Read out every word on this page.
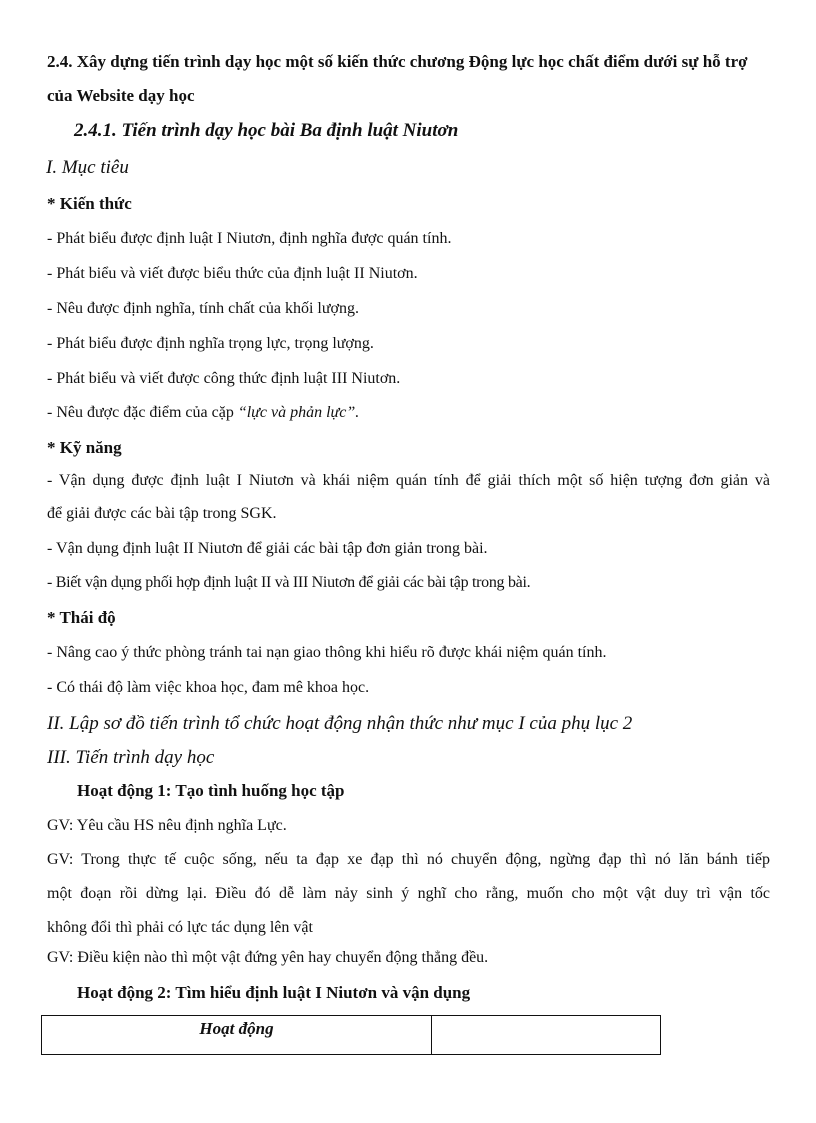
2.4. Xây dựng tiến trình dạy học một số kiến thức chương Động lực học chất điểm dưới sự hỗ trợ
của Website dạy học
2.4.1. Tiến trình dạy học bài Ba định luật Niutơn
I. Mục tiêu
* Kiến thức
- Phát biểu được định luật I Niutơn, định nghĩa được quán tính.
- Phát biểu và viết được biểu thức của định luật II Niutơn.
- Nêu được định nghĩa, tính chất của khối lượng.
- Phát biểu được định nghĩa trọng lực, trọng lượng.
- Phát biểu và viết được công thức định luật III Niutơn.
- Nêu được đặc điểm của cặp “lực và phản lực”.
* Kỹ năng
- Vận dụng được định luật I Niutơn và khái niệm quán tính để giải thích một số hiện tượng đơn giản và
để giải được các bài tập trong SGK.
- Vận dụng định luật II Niutơn để giải các bài tập đơn giản trong bài.
- Biết vận dụng phối hợp định luật II và III Niutơn để giải các bài tập trong bài.
* Thái độ
- Nâng cao ý thức phòng tránh tai nạn giao thông khi hiểu rõ được khái niệm quán tính.
- Có thái độ làm việc khoa học, đam mê khoa học.
II. Lập sơ đồ tiến trình tổ chức hoạt động nhận thức như mục I của phụ lục 2
III. Tiến trình dạy học
Hoạt động 1: Tạo tình huống học tập
GV: Yêu cầu HS nêu định nghĩa Lực.
GV: Trong thực tế cuộc sống, nếu ta đạp xe đạp thì nó chuyển động, ngừng đạp thì nó lăn bánh tiếp
một đoạn rồi dừng lại. Điều đó dễ làm nảy sinh ý nghĩ cho rằng, muốn cho một vật duy trì vận tốc
không đổi thì phải có lực tác dụng lên vật
GV: Điều kiện nào thì một vật đứng yên hay chuyển động thẳng đều.
Hoạt động 2: Tìm hiểu định luật I Niutơn và vận dụng
Hoạt động	
